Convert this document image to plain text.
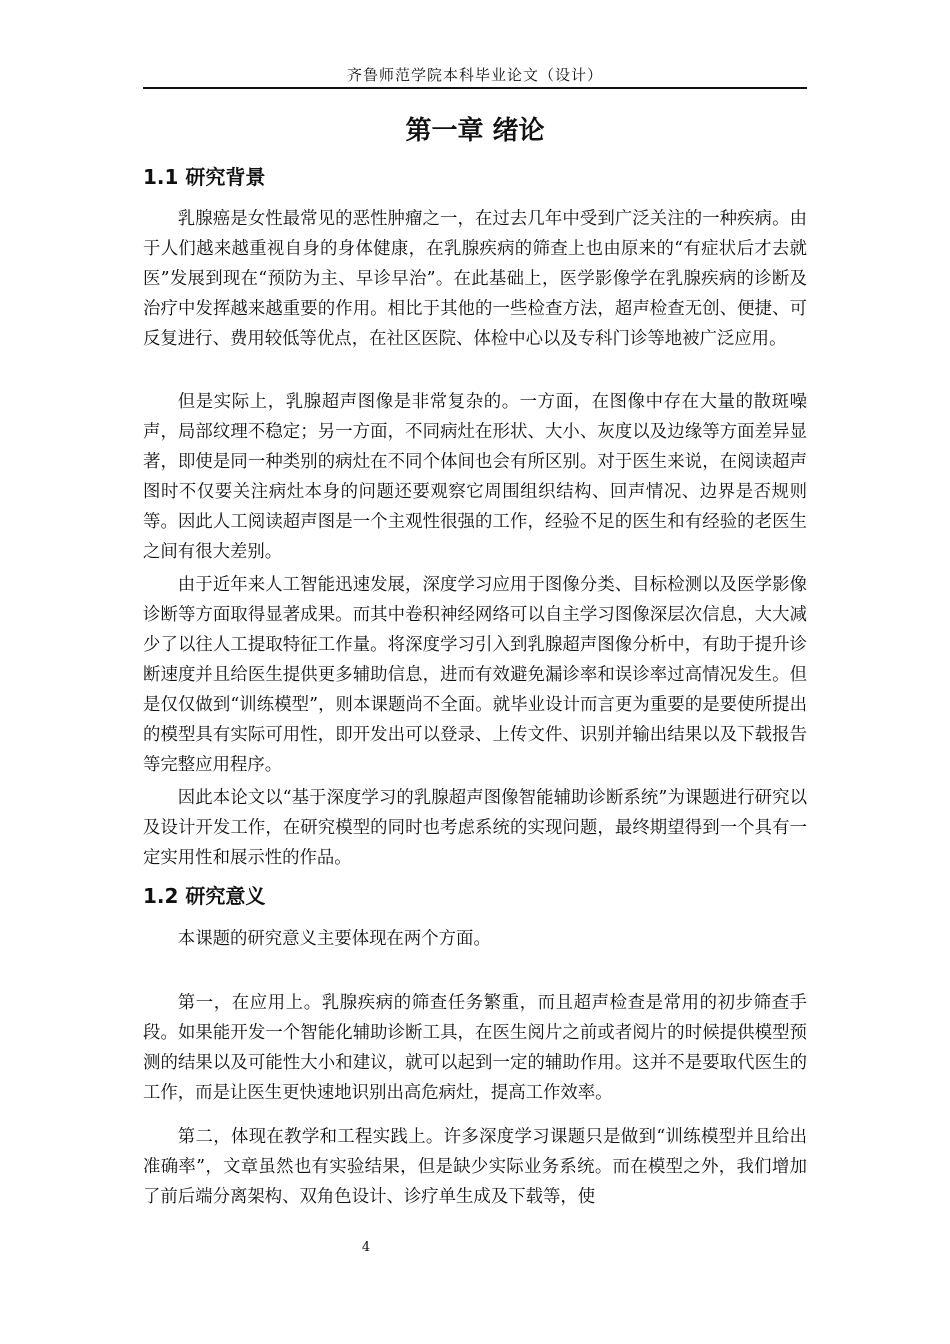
齐鲁师范学院本科毕业论文（设计）
第一章 绪论
1.1 研究背景

乳腺癌是女性最常见的恶性肿瘤之一，在过去几年中受到广泛关注的一种疾病。由于人们越来越重视自身的身体健康，在乳腺疾病的筛查上也由原来的“有症状后才去就医”发展到现在“预防为主、早诊早治”。在此基础上，医学影像学在乳腺疾病的诊断及治疗中发挥越来越重要的作用。相比于其他的一些检查方法，超声检查无创、便捷、可反复进行、费用较低等优点，在社区医院、体检中心以及专科门诊等地被广泛应用。

但是实际上，乳腺超声图像是非常复杂的。一方面，在图像中存在大量的散斑噪声，局部纹理不稳定；另一方面，不同病灶在形状、大小、灰度以及边缘等方面差异显著，即使是同一种类别的病灶在不同个体间也会有所区别。对于医生来说，在阅读超声图时不仅要关注病灶本身的问题还要观察它周围组织结构、回声情况、边界是否规则等。因此人工阅读超声图是一个主观性很强的工作，经验不足的医生和有经验的老医生之间有很大差别。

由于近年来人工智能迅速发展，深度学习应用于图像分类、目标检测以及医学影像诊断等方面取得显著成果。而其中卷积神经网络可以自主学习图像深层次信息，大大减少了以往人工提取特征工作量。将深度学习引入到乳腺超声图像分析中，有助于提升诊断速度并且给医生提供更多辅助信息，进而有效避免漏诊率和误诊率过高情况发生。但是仅仅做到“训练模型”，则本课题尚不全面。就毕业设计而言更为重要的是要使所提出的模型具有实际可用性，即开发出可以登录、上传文件、识别并输出结果以及下载报告等完整应用程序。

因此本论文以“基于深度学习的乳腺超声图像智能辅助诊断系统”为课题进行研究以及设计开发工作，在研究模型的同时也考虑系统的实现问题，最终期望得到一个具有一定实用性和展示性的作品。

1.2 研究意义

本课题的研究意义主要体现在两个方面。

第一，在应用上。乳腺疾病的筛查任务繁重，而且超声检查是常用的初步筛查手段。如果能开发一个智能化辅助诊断工具，在医生阅片之前或者阅片的时候提供模型预测的结果以及可能性大小和建议，就可以起到一定的辅助作用。这并不是要取代医生的工作，而是让医生更快速地识别出高危病灶，提高工作效率。

第二，体现在教学和工程实践上。许多深度学习课题只是做到“训练模型并且给出准确率”，文章虽然也有实验结果，但是缺少实际业务系统。而在模型之外，我们增加了前后端分离架构、双角色设计、诊疗单生成及下载等，使

4
